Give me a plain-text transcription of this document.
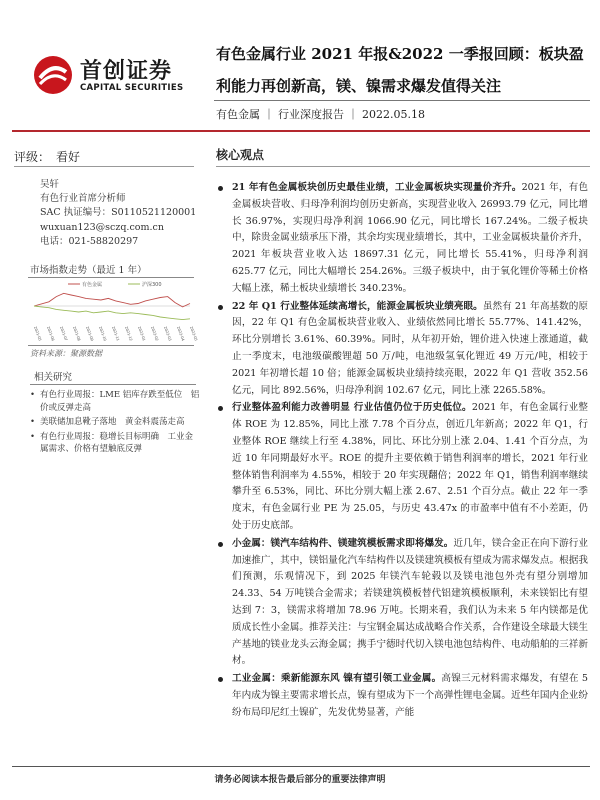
首创证券
CAPITAL SECURITIES
有色金属行业 2021 年报&2022 一季报回顾：板块盈利能力再创新高，镁、镍需求爆发值得关注
有色金属 ｜ 行业深度报告 ｜ 2022.05.18
评级：　看好	核心观点
吴轩
有色行业首席分析师
SAC 执证编号：S0110521120001
wuxuan123@sczq.com.cn
电话：021-58820297
市场指数走势（最近 1 年）
有色金属	沪深300
2021-05 2021-06 2021-07 2021-08 2021-09 2021-10 2021-11 2021-12 2022-01 2022-02 2022-03 2022-04 2022-05
资料来源：聚源数据
相关研究
• 有色行业周报：LME 铝库存跌至低位　铝价或反弹走高
• 美联储加息靴子落地　黄金料震荡走高
• 有色行业周报：稳增长目标明确　工业金属需求、价格有望触底反弹
21 年有色金属板块创历史最佳业绩，工业金属板块实现量价齐升。2021 年，有色金属板块营收、归母净利润均创历史新高，实现营业收入 26993.79 亿元，同比增长 36.97%，实现归母净利润 1066.90 亿元，同比增长 167.24%。二级子板块中，除贵金属业绩承压下滑，其余均实现业绩增长，其中，工业金属板块量价齐升，2021 年板块营业收入达 18697.31 亿元，同比增长 55.41%，归母净利润 625.77 亿元，同比大幅增长 254.26%。三级子板块中，由于氧化锂价等稀土价格大幅上涨，稀土板块业绩增长 340.23%。
22 年 Q1 行业整体延续高增长，能源金属板块业绩亮眼。虽然有 21 年高基数的原因，22 年 Q1 有色金属板块营业收入、业绩依然同比增长 55.77%、141.42%，环比分别增长 3.61%、60.39%。同时，从年初开始，锂价进入快速上涨通道，截止一季度末，电池级碳酸锂超 50 万/吨，电池级氢氧化锂近 49 万元/吨，相较于 2021 年初增长超 10 倍；能源金属板块业绩持续亮眼，2022 年 Q1 营收 352.56 亿元，同比 892.56%，归母净利润 102.67 亿元，同比上涨 2265.58%。
行业整体盈利能力改善明显 行业估值仍位于历史低位。2021 年，有色金属行业整体 ROE 为 12.85%，同比上涨 7.78 个百分点，创近几年新高；2022 年 Q1，行业整体 ROE 继续上行至 4.38%，同比、环比分别上涨 2.04、1.41 个百分点，为近 10 年同期最好水平。ROE 的提升主要依赖于销售利润率的增长，2021 年行业整体销售利润率为 4.55%，相较于 20 年实现翻倍；2022 年 Q1，销售利润率继续攀升至 6.53%，同比、环比分别大幅上涨 2.67、2.51 个百分点。截止 22 年一季度末，有色金属行业 PE 为 25.05，与历史 43.47x 的市盈率中值有不小差距，仍处于历史底部。
小金属：镁汽车结构件、镁建筑模板需求即将爆发。近几年，镁合金正在向下游行业加速推广，其中，镁铝量化汽车结构件以及镁建筑模板有望成为需求爆发点。根据我们预测，乐观情况下，到 2025 年镁汽车轮毂以及镁电池包外壳有望分别增加 24.33、54 万吨镁合金需求；若镁建筑模板替代铝建筑模板顺利，未来镁铝比有望达到 7：3，镁需求将增加 78.96 万吨。长期来看，我们认为未来 5 年内镁都是优质成长性小金属。推荐关注：与宝钢金属达成战略合作关系，合作建设全球最大镁生产基地的镁业龙头云海金属；携手宁德时代切入镁电池包结构件、电动船舶的三祥新材。
工业金属：乘新能源东风 镍有望引领工业金属。高镍三元材料需求爆发，有望在 5 年内成为镍主要需求增长点，镍有望成为下一个高弹性锂电金属。近些年国内企业纷纷布局印尼红土镍矿，先发优势显著，产能
请务必阅读本报告最后部分的重要法律声明
